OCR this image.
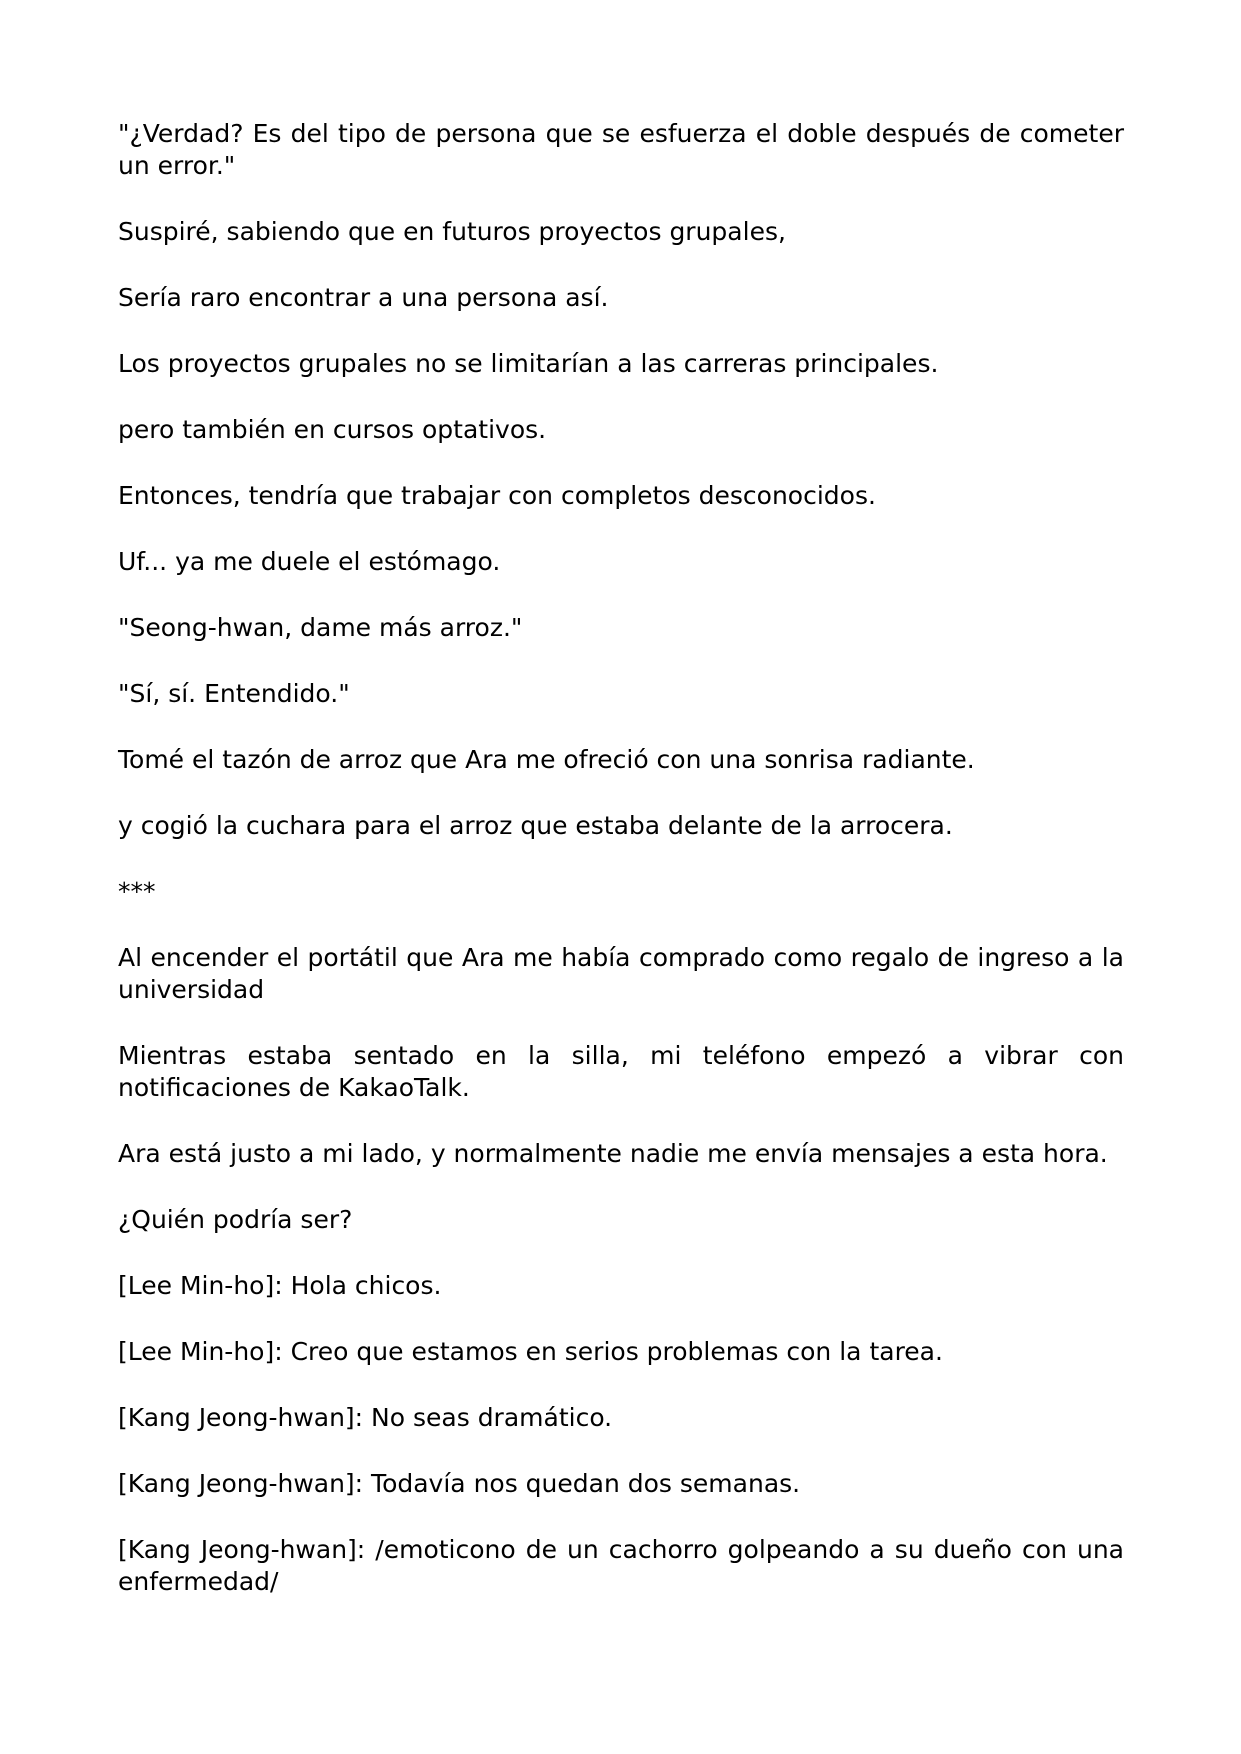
"¿Verdad? Es del tipo de persona que se esfuerza el doble después de cometer un error."

Suspiré, sabiendo que en futuros proyectos grupales,

Sería raro encontrar a una persona así.

Los proyectos grupales no se limitarían a las carreras principales.

pero también en cursos optativos.

Entonces, tendría que trabajar con completos desconocidos.

Uf... ya me duele el estómago.

"Seong-hwan, dame más arroz."

"Sí, sí. Entendido."

Tomé el tazón de arroz que Ara me ofreció con una sonrisa radiante.

y cogió la cuchara para el arroz que estaba delante de la arrocera.

***

Al encender el portátil que Ara me había comprado como regalo de ingreso a la universidad

Mientras estaba sentado en la silla, mi teléfono empezó a vibrar con notificaciones de KakaoTalk.

Ara está justo a mi lado, y normalmente nadie me envía mensajes a esta hora.

¿Quién podría ser?

[Lee Min-ho]: Hola chicos.

[Lee Min-ho]: Creo que estamos en serios problemas con la tarea.

[Kang Jeong-hwan]: No seas dramático.

[Kang Jeong-hwan]: Todavía nos quedan dos semanas.

[Kang Jeong-hwan]: /emoticono de un cachorro golpeando a su dueño con una enfermedad/
